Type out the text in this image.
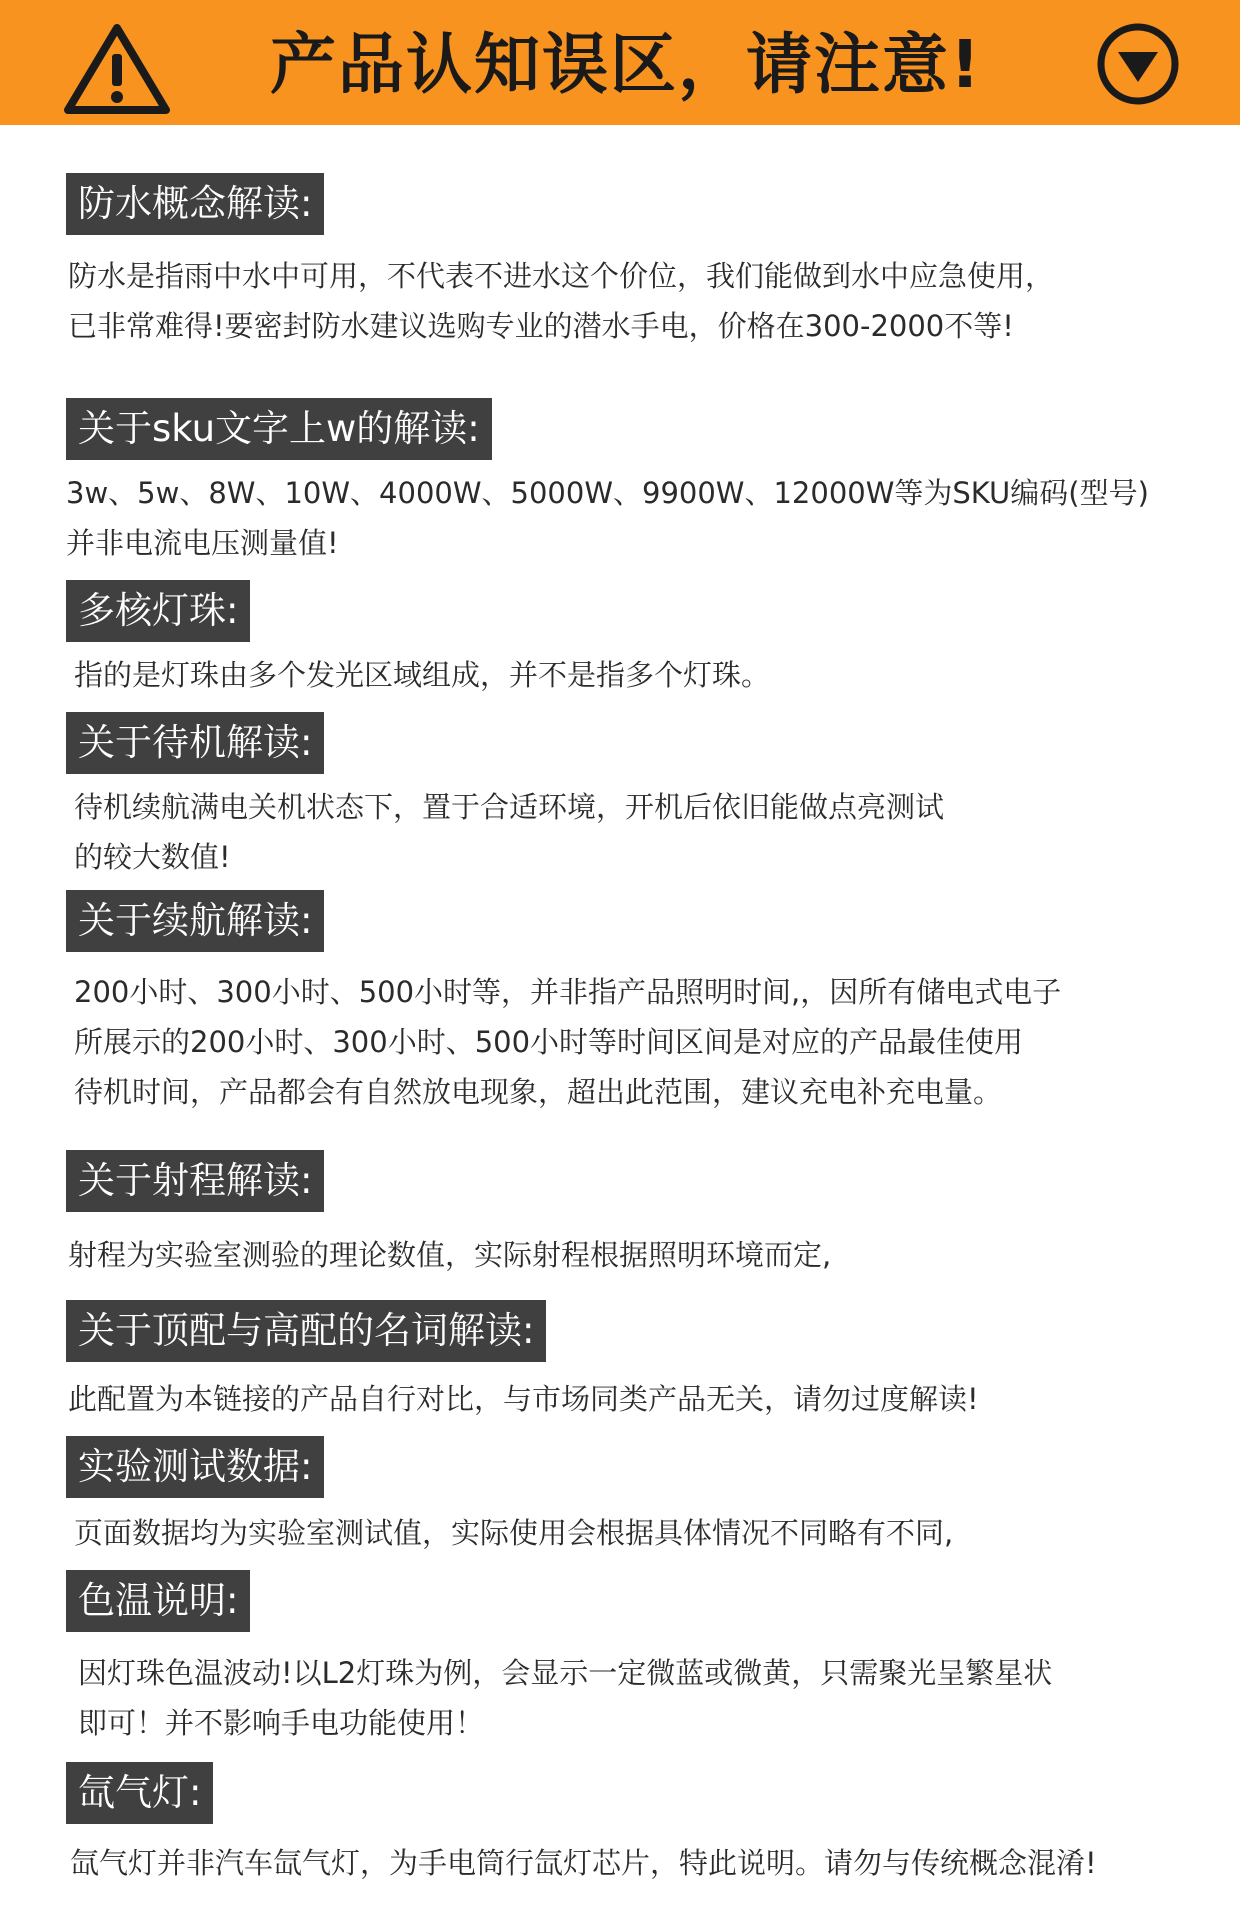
产品认知误区，请注意!
防水概念解读:
防水是指雨中水中可用，不代表不进水这个价位，我们能做到水中应急使用，
已非常难得!要密封防水建议选购专业的潜水手电，价格在300-2000不等!
关于sku文字上w的解读:
3w、5w、8W、10W、4000W、5000W、9900W、12000W等为SKU编码(型号)
并非电流电压测量值!
多核灯珠:
指的是灯珠由多个发光区域组成，并不是指多个灯珠。
关于待机解读:
待机续航满电关机状态下，置于合适环境，开机后依旧能做点亮测试
的较大数值!
关于续航解读:
200小时、300小时、500小时等，并非指产品照明时间,，因所有储电式电子
所展示的200小时、300小时、500小时等时间区间是对应的产品最佳使用
待机时间，产品都会有自然放电现象，超出此范围，建议充电补充电量。
关于射程解读:
射程为实验室测验的理论数值，实际射程根据照明环境而定,
关于顶配与高配的名词解读:
此配置为本链接的产品自行对比，与市场同类产品无关，请勿过度解读!
实验测试数据:
页面数据均为实验室测试值，实际使用会根据具体情况不同略有不同,
色温说明:
因灯珠色温波动!以L2灯珠为例，会显示一定微蓝或微黄，只需聚光呈繁星状
即可！并不影响手电功能使用！
氙气灯:
氙气灯并非汽车氙气灯，为手电筒行氙灯芯片，特此说明。请勿与传统概念混淆!
